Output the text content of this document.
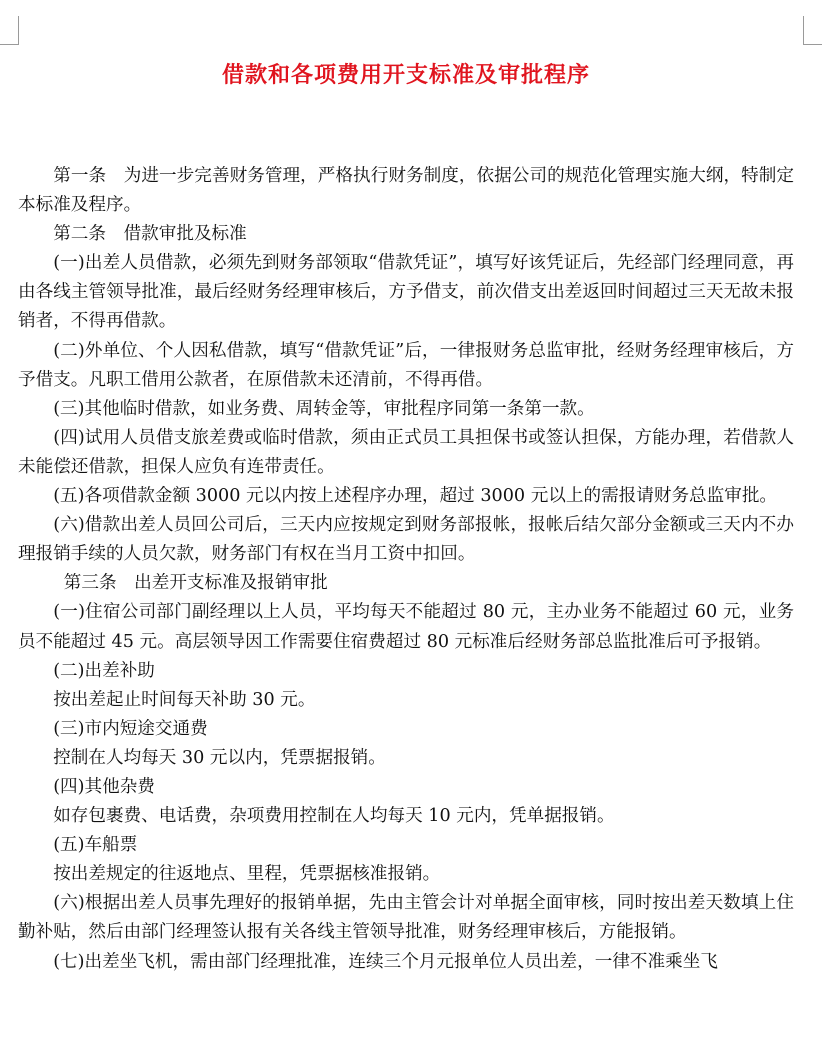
借款和各项费用开支标准及审批程序

第一条　为进一步完善财务管理，严格执行财务制度，依据公司的规范化管理实施大纲，特制定本标准及程序。

第二条　借款审批及标准

(一)出差人员借款，必须先到财务部领取“借款凭证”，填写好该凭证后，先经部门经理同意，再由各线主管领导批准，最后经财务经理审核后，方予借支，前次借支出差返回时间超过三天无故未报销者，不得再借款。

(二)外单位、个人因私借款，填写“借款凭证”后，一律报财务总监审批，经财务经理审核后，方予借支。凡职工借用公款者，在原借款未还清前，不得再借。

(三)其他临时借款，如业务费、周转金等，审批程序同第一条第一款。

(四)试用人员借支旅差费或临时借款，须由正式员工具担保书或签认担保，方能办理，若借款人未能偿还借款，担保人应负有连带责任。

(五)各项借款金额 3000 元以内按上述程序办理，超过 3000 元以上的需报请财务总监审批。

(六)借款出差人员回公司后，三天内应按规定到财务部报帐，报帐后结欠部分金额或三天内不办理报销手续的人员欠款，财务部门有权在当月工资中扣回。

第三条　出差开支标准及报销审批

(一)住宿公司部门副经理以上人员，平均每天不能超过 80 元，主办业务不能超过 60 元，业务员不能超过 45 元。高层领导因工作需要住宿费超过 80 元标准后经财务部总监批准后可予报销。

(二)出差补助

按出差起止时间每天补助 30 元。

(三)市内短途交通费

控制在人均每天 30 元以内，凭票据报销。

(四)其他杂费

如存包裹费、电话费，杂项费用控制在人均每天 10 元内，凭单据报销。

(五)车船票

按出差规定的往返地点、里程，凭票据核准报销。

(六)根据出差人员事先理好的报销单据，先由主管会计对单据全面审核，同时按出差天数填上住勤补贴，然后由部门经理签认报有关各线主管领导批准，财务经理审核后，方能报销。

(七)出差坐飞机，需由部门经理批准，连续三个月元报单位人员出差，一律不准乘坐飞
